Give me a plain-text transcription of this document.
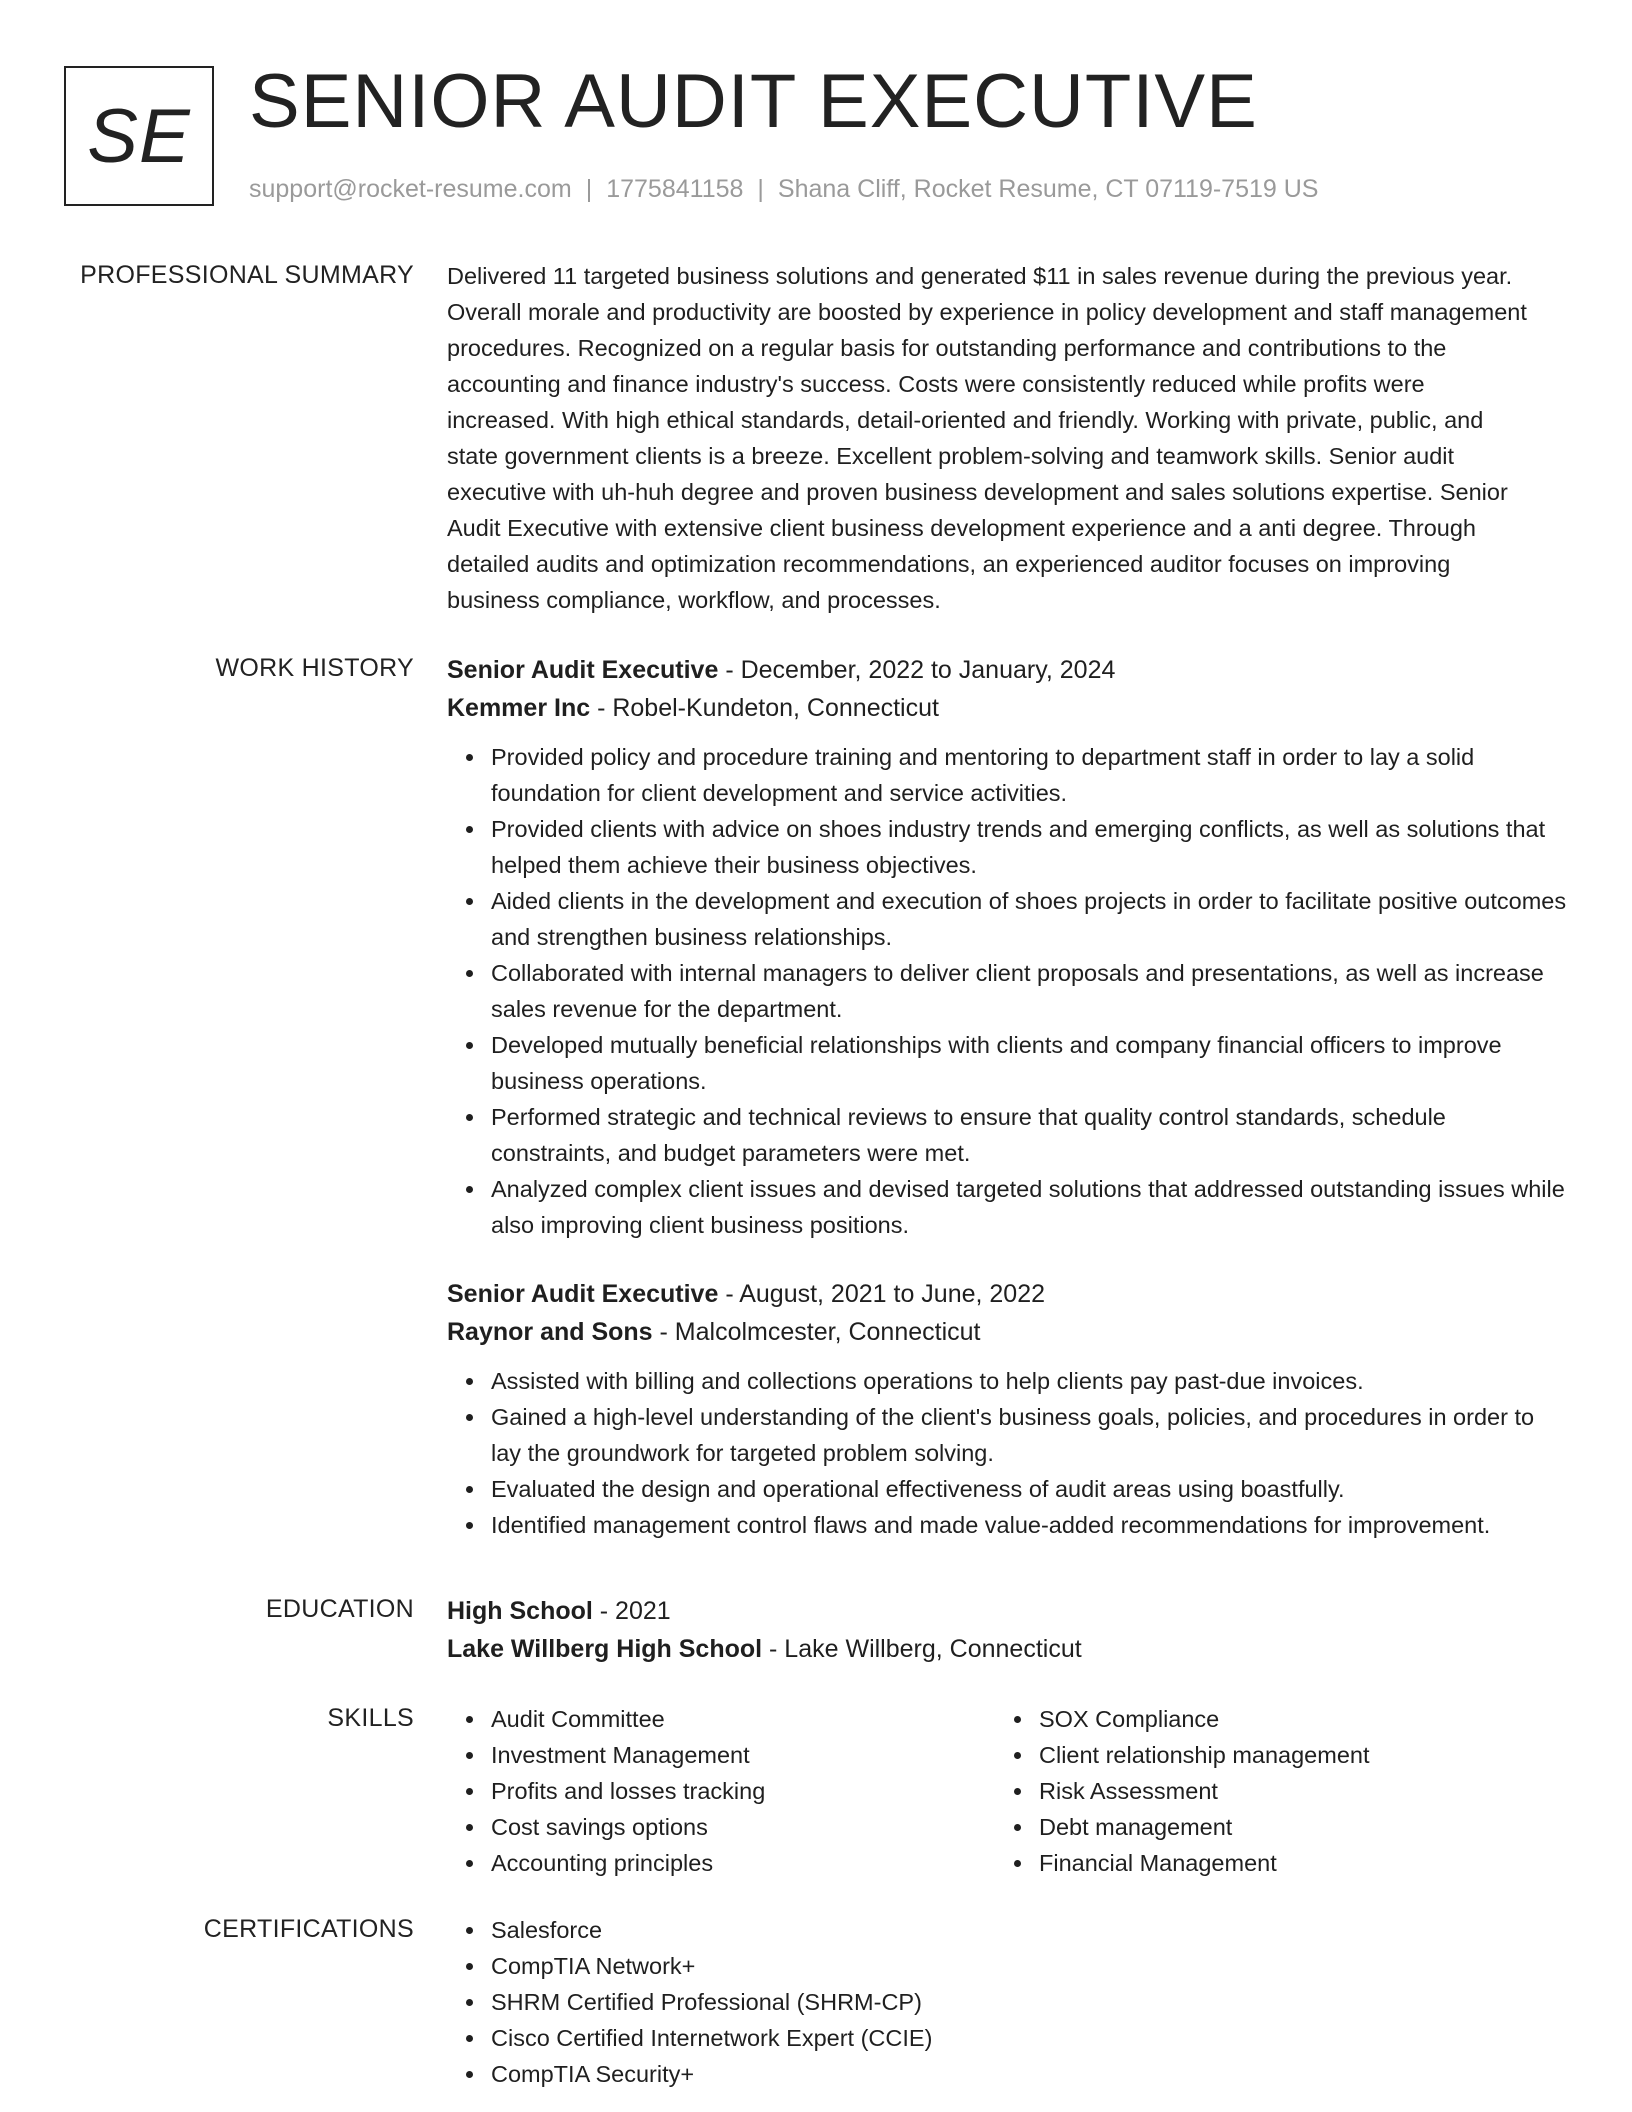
SE SENIOR AUDIT EXECUTIVE
support@rocket-resume.com | 1775841158 | Shana Cliff, Rocket Resume, CT 07119-7519 US
PROFESSIONAL SUMMARY Delivered 11 targeted business solutions and generated $11 in sales revenue during the previous year. Overall morale and productivity are boosted by experience in policy development and staff management procedures. Recognized on a regular basis for outstanding performance and contributions to the accounting and finance industry's success. Costs were consistently reduced while profits were increased. With high ethical standards, detail-oriented and friendly. Working with private, public, and state government clients is a breeze. Excellent problem-solving and teamwork skills. Senior audit executive with uh-huh degree and proven business development and sales solutions expertise. Senior Audit Executive with extensive client business development experience and a anti degree. Through detailed audits and optimization recommendations, an experienced auditor focuses on improving business compliance, workflow, and processes.

WORK HISTORY Senior Audit Executive - December, 2022 to January, 2024
Kemmer Inc - Robel-Kundeton, Connecticut
Provided policy and procedure training and mentoring to department staff in order to lay a solid foundation for client development and service activities.
Provided clients with advice on shoes industry trends and emerging conflicts, as well as solutions that helped them achieve their business objectives.
Aided clients in the development and execution of shoes projects in order to facilitate positive outcomes and strengthen business relationships.
Collaborated with internal managers to deliver client proposals and presentations, as well as increase sales revenue for the department.
Developed mutually beneficial relationships with clients and company financial officers to improve business operations.
Performed strategic and technical reviews to ensure that quality control standards, schedule constraints, and budget parameters were met.
Analyzed complex client issues and devised targeted solutions that addressed outstanding issues while also improving client business positions.
Senior Audit Executive - August, 2021 to June, 2022
Raynor and Sons - Malcolmcester, Connecticut
Assisted with billing and collections operations to help clients pay past-due invoices.
Gained a high-level understanding of the client's business goals, policies, and procedures in order to lay the groundwork for targeted problem solving.
Evaluated the design and operational effectiveness of audit areas using boastfully.
Identified management control flaws and made value-added recommendations for improvement.
EDUCATION High School - 2021
Lake Willberg High School - Lake Willberg, Connecticut
SKILLS	Audit Committee
Investment Management
Profits and losses tracking
Cost savings options
Accounting principles
SOX Compliance
Client relationship management
Risk Assessment
Debt management
Financial Management
CERTIFICATIONS	Salesforce
CompTIA Network+
SHRM Certified Professional (SHRM-CP)
Cisco Certified Internetwork Expert (CCIE)
CompTIA Security+
